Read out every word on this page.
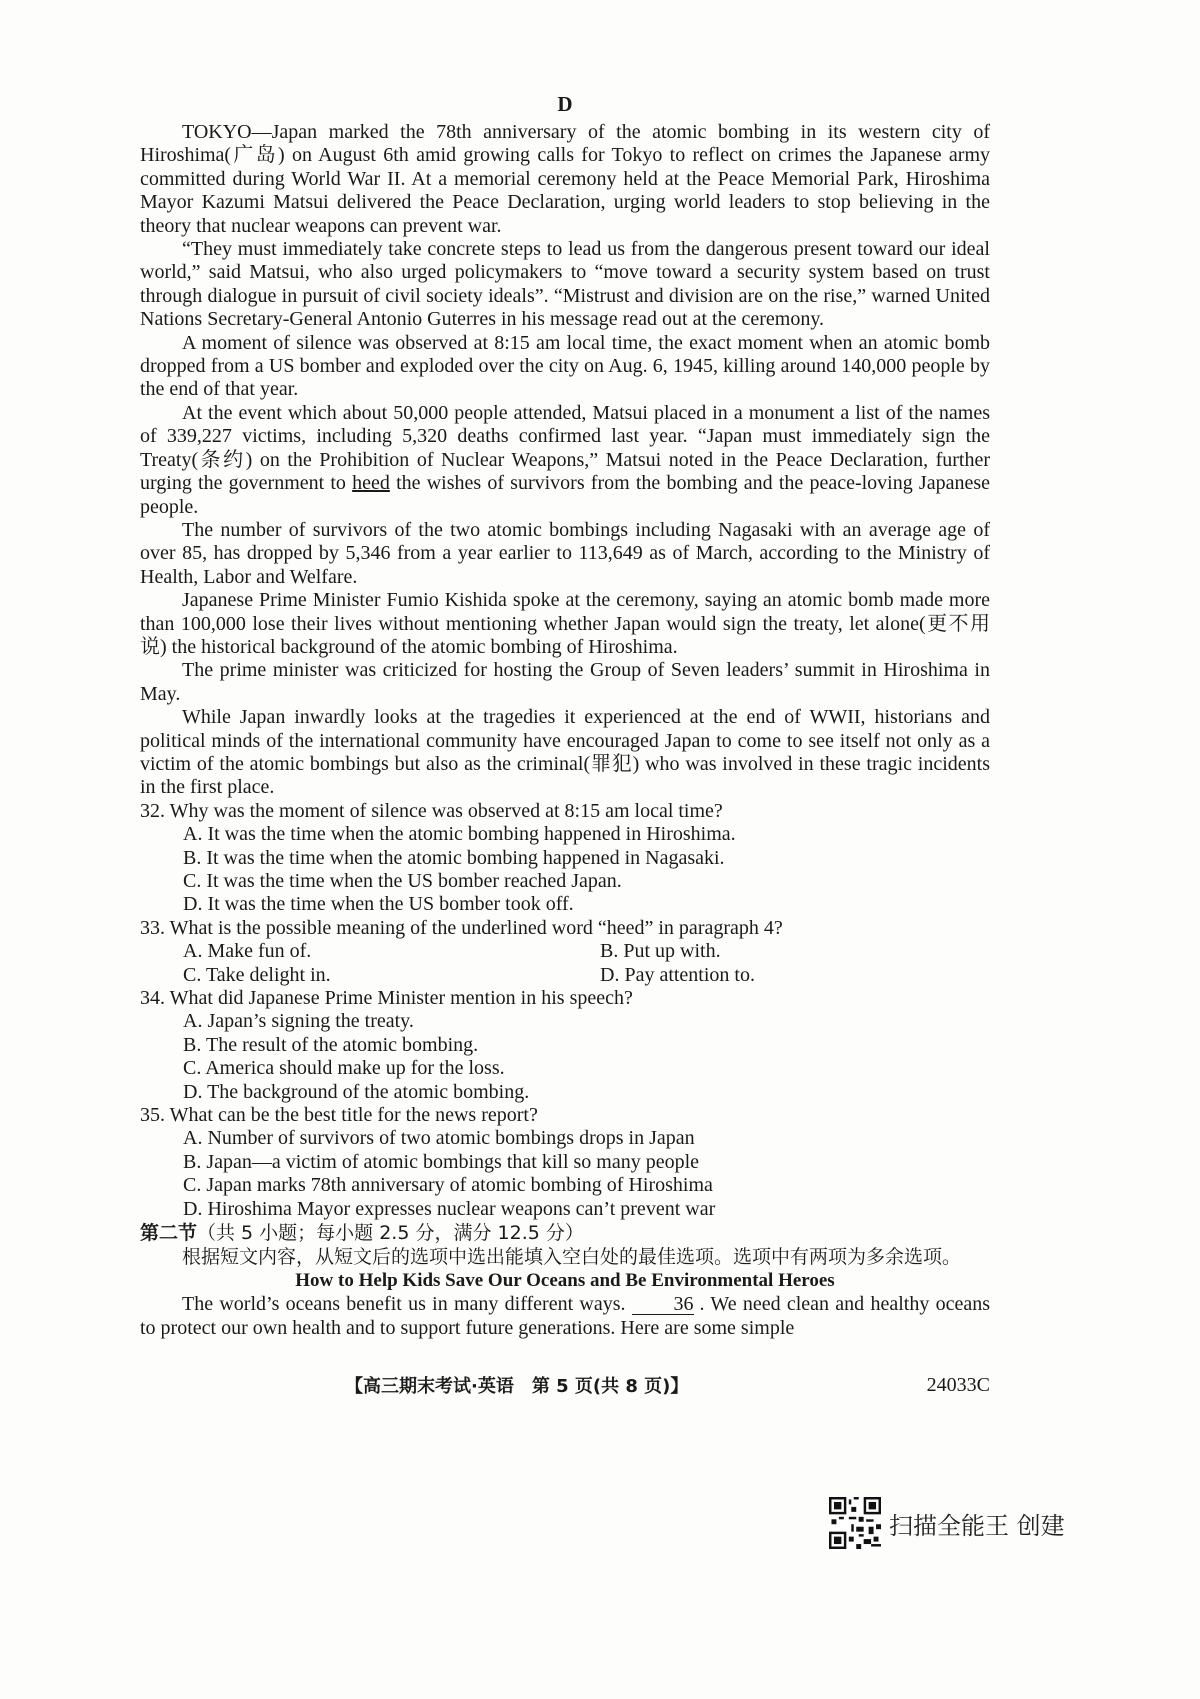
D

TOKYO—Japan marked the 78th anniversary of the atomic bombing in its western city of Hiroshima(广岛) on August 6th amid growing calls for Tokyo to reflect on crimes the Japanese army committed during World War II. At a memorial ceremony held at the Peace Memorial Park, Hiroshima Mayor Kazumi Matsui delivered the Peace Declaration, urging world leaders to stop believing in the theory that nuclear weapons can prevent war.

“They must immediately take concrete steps to lead us from the dangerous present toward our ideal world,” said Matsui, who also urged policymakers to “move toward a security system based on trust through dialogue in pursuit of civil society ideals”. “Mistrust and division are on the rise,” warned United Nations Secretary-General Antonio Guterres in his message read out at the ceremony.

A moment of silence was observed at 8:15 am local time, the exact moment when an atomic bomb dropped from a US bomber and exploded over the city on Aug. 6, 1945, killing around 140,000 people by the end of that year.

At the event which about 50,000 people attended, Matsui placed in a monument a list of the names of 339,227 victims, including 5,320 deaths confirmed last year. “Japan must immediately sign the Treaty(条约) on the Prohibition of Nuclear Weapons,” Matsui noted in the Peace Declaration, further urging the government to heed the wishes of survivors from the bombing and the peace-loving Japanese people.

The number of survivors of the two atomic bombings including Nagasaki with an average age of over 85, has dropped by 5,346 from a year earlier to 113,649 as of March, according to the Ministry of Health, Labor and Welfare.

Japanese Prime Minister Fumio Kishida spoke at the ceremony, saying an atomic bomb made more than 100,000 lose their lives without mentioning whether Japan would sign the treaty, let alone(更不用说) the historical background of the atomic bombing of Hiroshima.

The prime minister was criticized for hosting the Group of Seven leaders’ summit in Hiroshima in May.

While Japan inwardly looks at the tragedies it experienced at the end of WWII, historians and political minds of the international community have encouraged Japan to come to see itself not only as a victim of the atomic bombings but also as the criminal(罪犯) who was involved in these tragic incidents in the first place.

32. Why was the moment of silence was observed at 8:15 am local time?

A. It was the time when the atomic bombing happened in Hiroshima.

B. It was the time when the atomic bombing happened in Nagasaki.

C. It was the time when the US bomber reached Japan.

D. It was the time when the US bomber took off.

33. What is the possible meaning of the underlined word “heed” in paragraph 4?

A. Make fun of.	B. Put up with.
C. Take delight in.	D. Pay attention to.

34. What did Japanese Prime Minister mention in his speech?

A. Japan’s signing the treaty.

B. The result of the atomic bombing.

C. America should make up for the loss.

D. The background of the atomic bombing.

35. What can be the best title for the news report?

A. Number of survivors of two atomic bombings drops in Japan

B. Japan—a victim of atomic bombings that kill so many people

C. Japan marks 78th anniversary of atomic bombing of Hiroshima

D. Hiroshima Mayor expresses nuclear weapons can’t prevent war

第二节（共 5 小题；每小题 2.5 分，满分 12.5 分）

根据短文内容，从短文后的选项中选出能填入空白处的最佳选项。选项中有两项为多余选项。

How to Help Kids Save Our Oceans and Be Environmental Heroes

The world’s oceans benefit us in many different ways. 36 . We need clean and healthy oceans to protect our own health and to support future generations. Here are some simple

【高三期末考试·英语　第 5 页(共 8 页)】	24033C
扫描全能王 创建
